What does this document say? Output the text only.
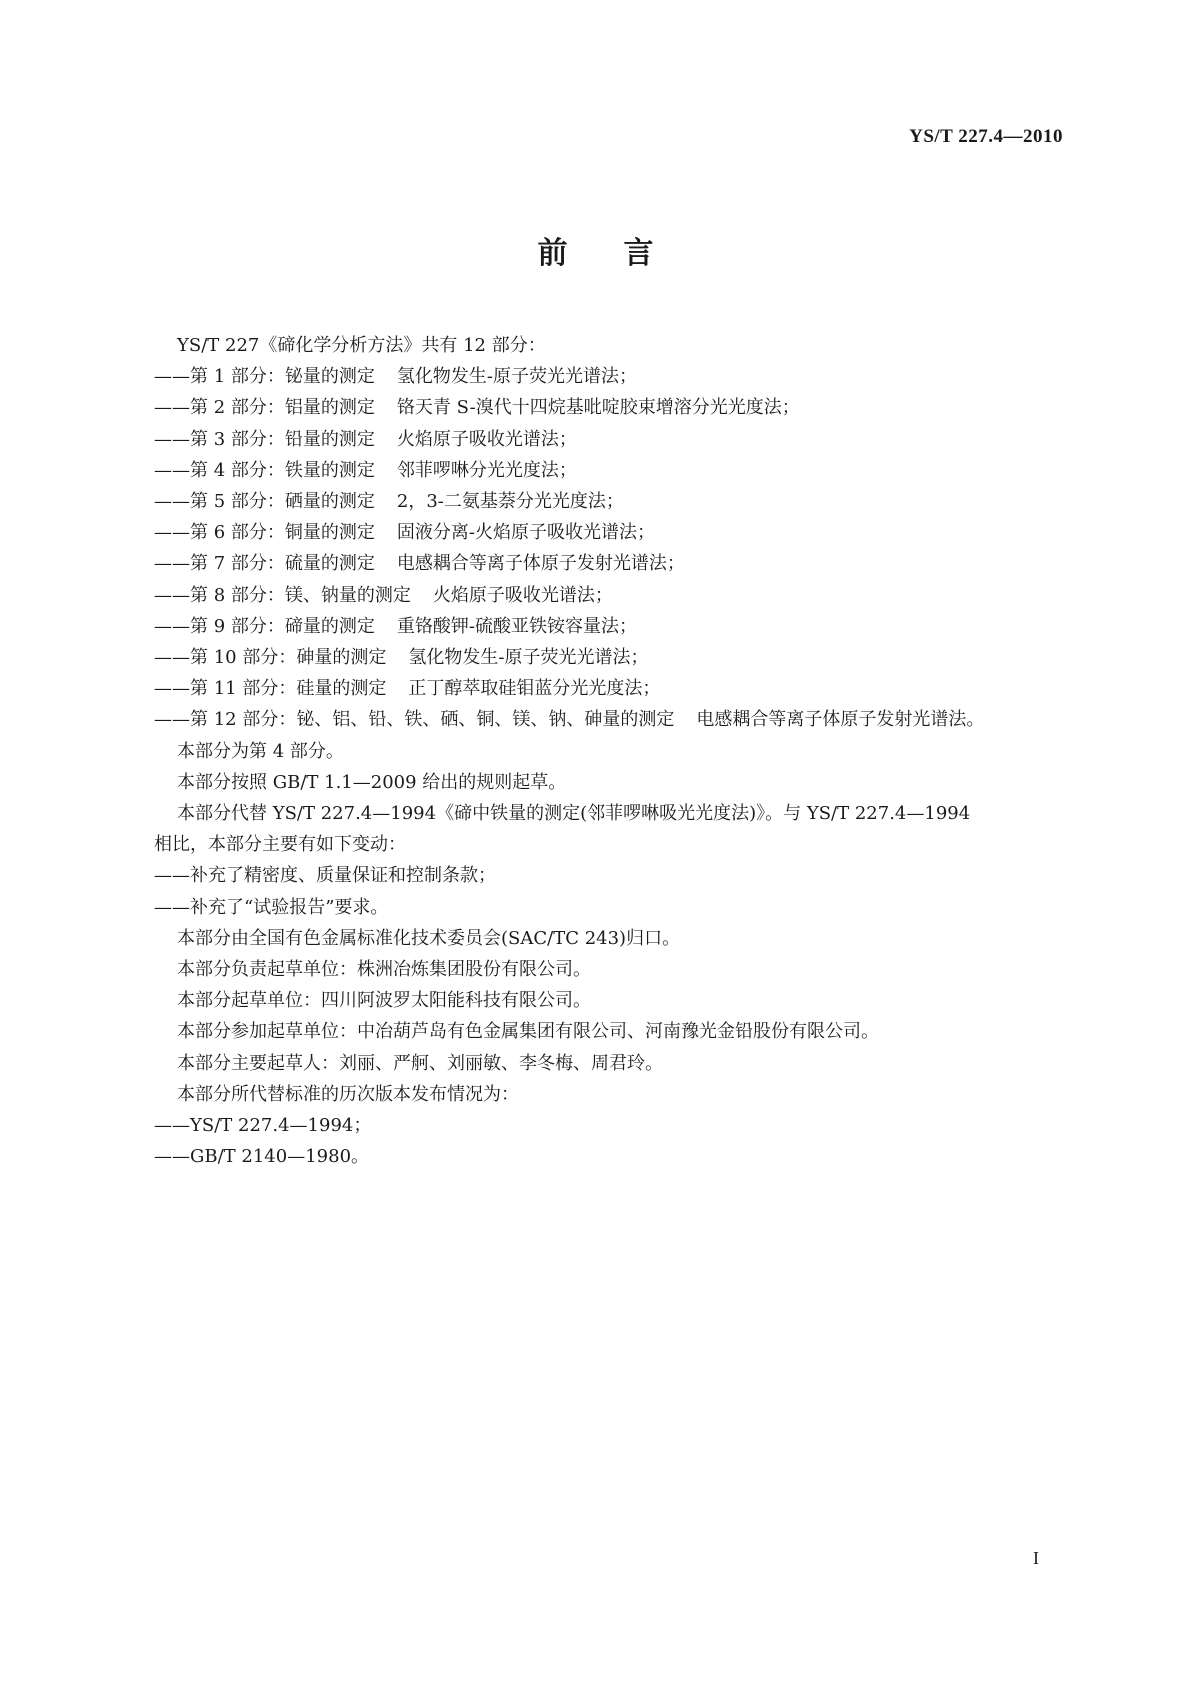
YS/T 227.4—2010
前言

YS/T 227《碲化学分析方法》共有 12 部分：

——第 1 部分：铋量的测定 氢化物发生-原子荧光光谱法；

——第 2 部分：铝量的测定 铬天青 S-溴代十四烷基吡啶胶束增溶分光光度法；

——第 3 部分：铅量的测定 火焰原子吸收光谱法；

——第 4 部分：铁量的测定 邻菲啰啉分光光度法；

——第 5 部分：硒量的测定 2，3-二氨基萘分光光度法；

——第 6 部分：铜量的测定 固液分离-火焰原子吸收光谱法；

——第 7 部分：硫量的测定 电感耦合等离子体原子发射光谱法；

——第 8 部分：镁、钠量的测定 火焰原子吸收光谱法；

——第 9 部分：碲量的测定 重铬酸钾-硫酸亚铁铵容量法；

——第 10 部分：砷量的测定 氢化物发生-原子荧光光谱法；

——第 11 部分：硅量的测定 正丁醇萃取硅钼蓝分光光度法；

——第 12 部分：铋、铝、铅、铁、硒、铜、镁、钠、砷量的测定 电感耦合等离子体原子发射光谱法。

本部分为第 4 部分。

本部分按照 GB/T 1.1—2009 给出的规则起草。

本部分代替 YS/T 227.4—1994《碲中铁量的测定(邻菲啰啉吸光光度法)》。与 YS/T 227.4—1994

相比，本部分主要有如下变动：

——补充了精密度、质量保证和控制条款；

——补充了“试验报告”要求。

本部分由全国有色金属标准化技术委员会(SAC/TC 243)归口。

本部分负责起草单位：株洲冶炼集团股份有限公司。

本部分起草单位：四川阿波罗太阳能科技有限公司。

本部分参加起草单位：中冶葫芦岛有色金属集团有限公司、河南豫光金铅股份有限公司。

本部分主要起草人：刘丽、严舸、刘丽敏、李冬梅、周君玲。

本部分所代替标准的历次版本发布情况为：

——YS/T 227.4—1994；

——GB/T 2140—1980。

I
